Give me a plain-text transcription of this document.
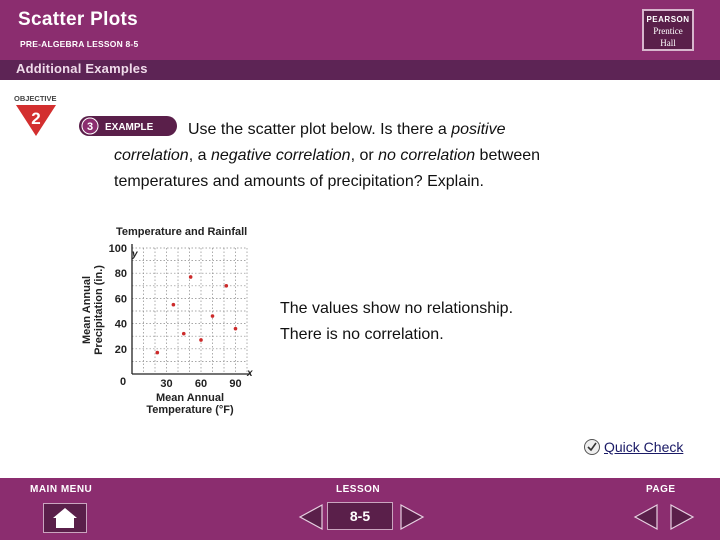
Scatter Plots
PRE-ALGEBRA LESSON 8-5
PEARSON
Prentice
Hall
Additional Examples
OBJECTIVE
2	3 EXAMPLE	Use the scatter plot below. Is there a positive
correlation, a negative correlation, or no correlation between temperatures and amounts of precipitation? Explain.
Temperature and Rainfall
30 60 90
20
40
60
80
100 y
x
0
Mean Annual
Temperature (°F)
Mean Annual Precipitation (in.)	The values show no relationship.
There is no correlation.
Quick Check
MAIN MENU	LESSON	PAGE
8-5
